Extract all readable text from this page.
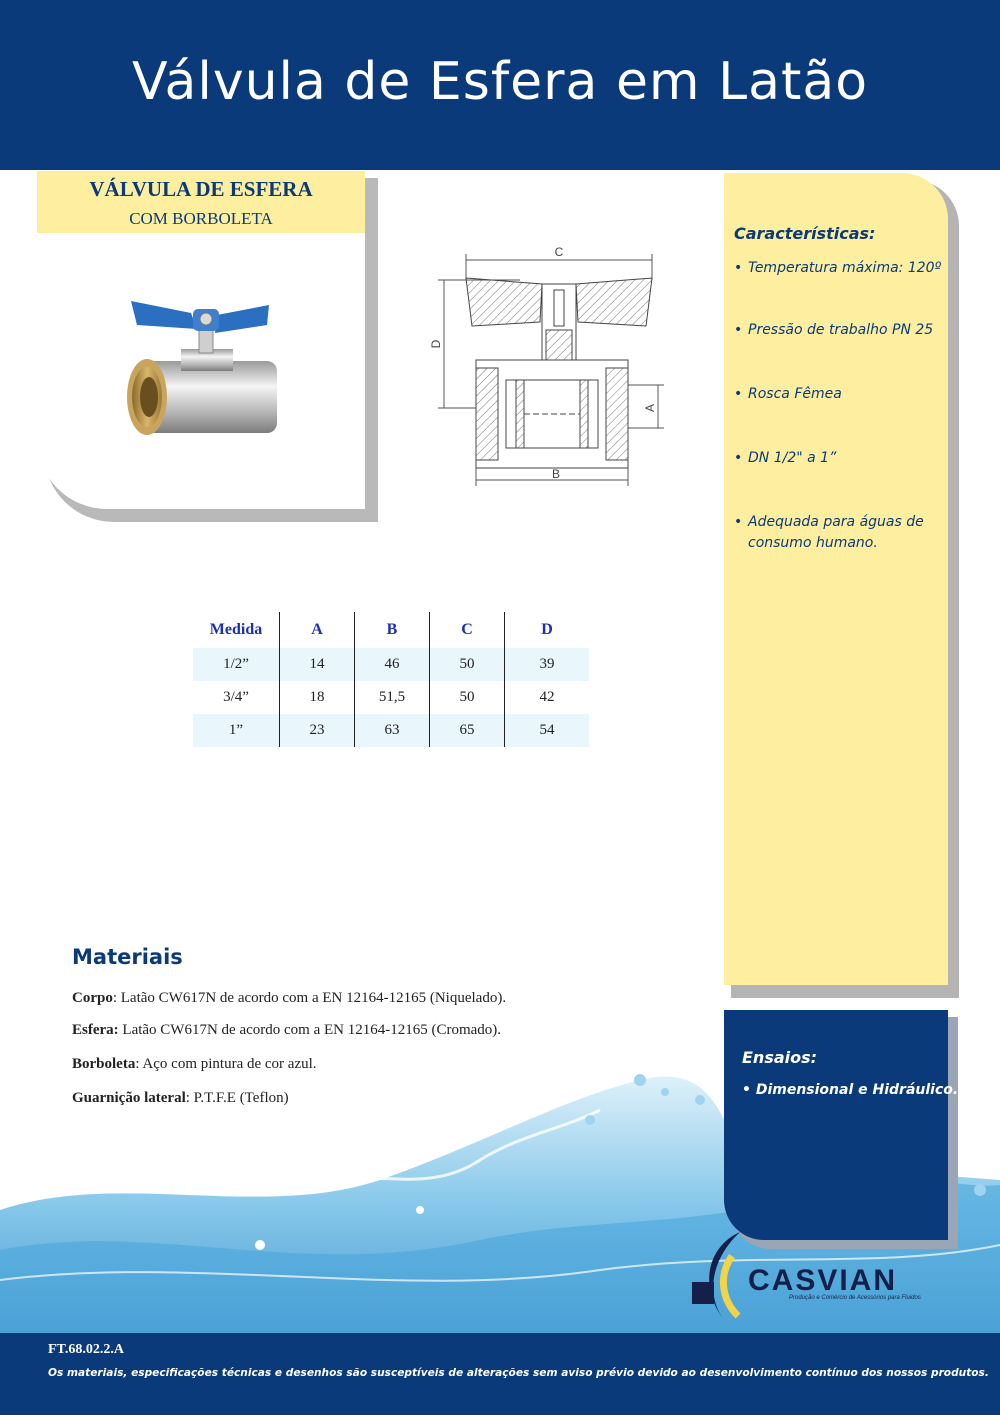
Válvula de Esfera em Latão
VÁLVULA DE ESFERA
COM BORBOLETA
C
D
B
A
Características:
• Temperatura máxima: 120º
• Pressão de trabalho PN 25
• Rosca Fêmea
• DN 1/2" a 1”
• Adequada para águas de consumo humano.
Medida	A	B	C	D
1/2”	14	46	50	39
3/4”	18	51,5	50	42
1”	23	63	65	54
Materiais
Corpo: Latão CW617N de acordo com a EN 12164-12165 (Niquelado).
Esfera: Latão CW617N de acordo com a EN 12164-12165 (Cromado).
Borboleta: Aço com pintura de cor azul.
Guarnição lateral: P.T.F.E (Teflon)
Ensaios:
• Dimensional e Hidráulico.
CASVIAN
Produção e Comércio de Acessórios para Fluidos
FT.68.02.2.A
Os materiais, especificações técnicas e desenhos são susceptíveis de alterações sem aviso prévio devido ao desenvolvimento contínuo dos nossos produtos.
